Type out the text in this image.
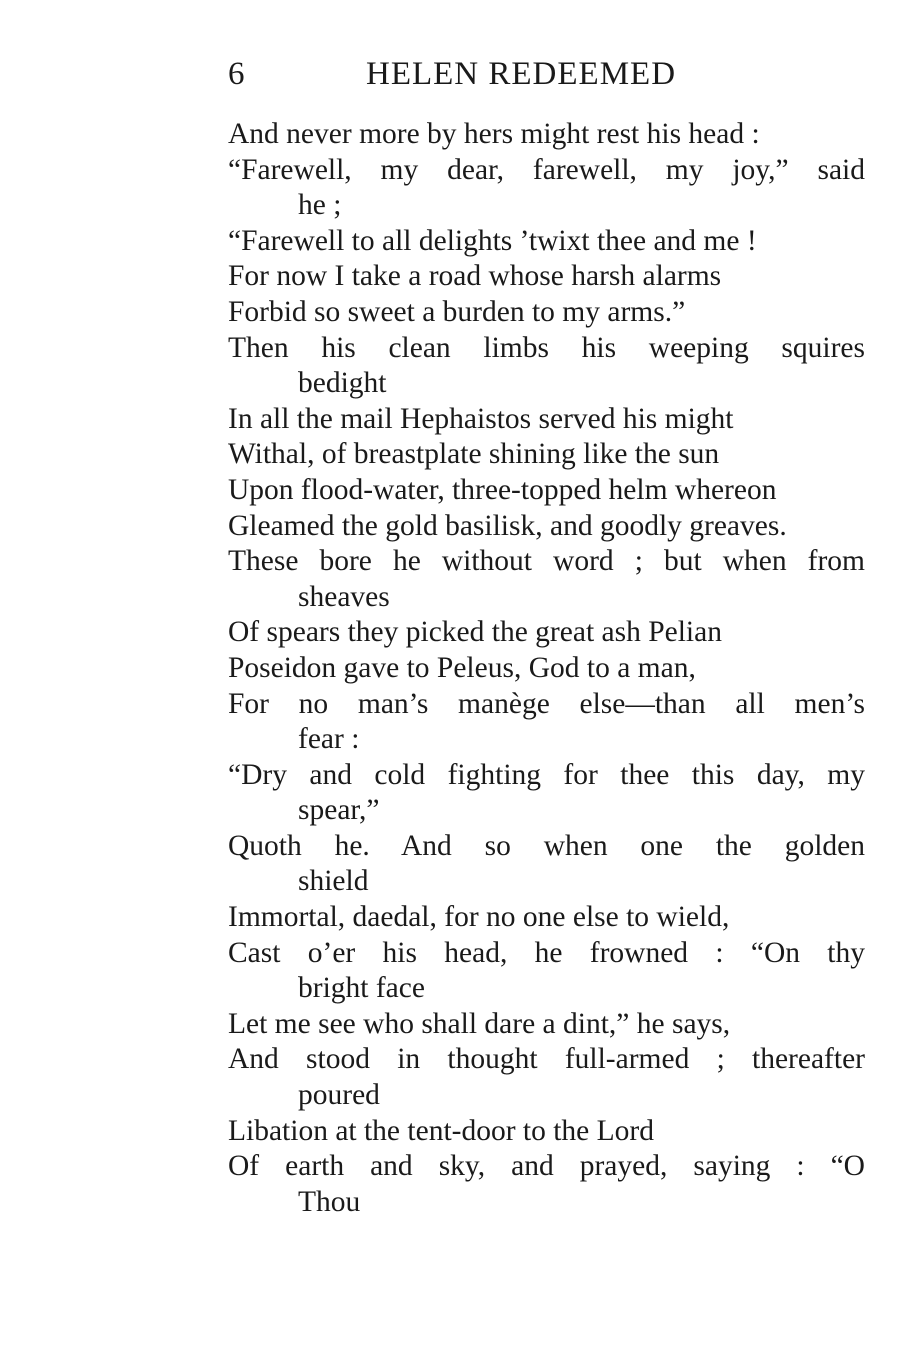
6	HELEN REDEEMED
And never more by hers might rest his head :
“Farewell, my dear, farewell, my joy,” said
he ;
“Farewell to all delights ’twixt thee and me !
For now I take a road whose harsh alarms
Forbid so sweet a burden to my arms.”
Then his clean limbs his weeping squires
bedight
In all the mail Hephaistos served his might
Withal, of breastplate shining like the sun
Upon flood-water, three-topped helm whereon
Gleamed the gold basilisk, and goodly greaves.
These bore he without word ; but when from
sheaves
Of spears they picked the great ash Pelian
Poseidon gave to Peleus, God to a man,
For no man’s manège else—than all men’s
fear :
“Dry and cold fighting for thee this day, my
spear,”
Quoth he. And so when one the golden
shield
Immortal, daedal, for no one else to wield,
Cast o’er his head, he frowned : “On thy
bright face
Let me see who shall dare a dint,” he says,
And stood in thought full-armed ; thereafter
poured
Libation at the tent-door to the Lord
Of earth and sky, and prayed, saying : “O
Thou
